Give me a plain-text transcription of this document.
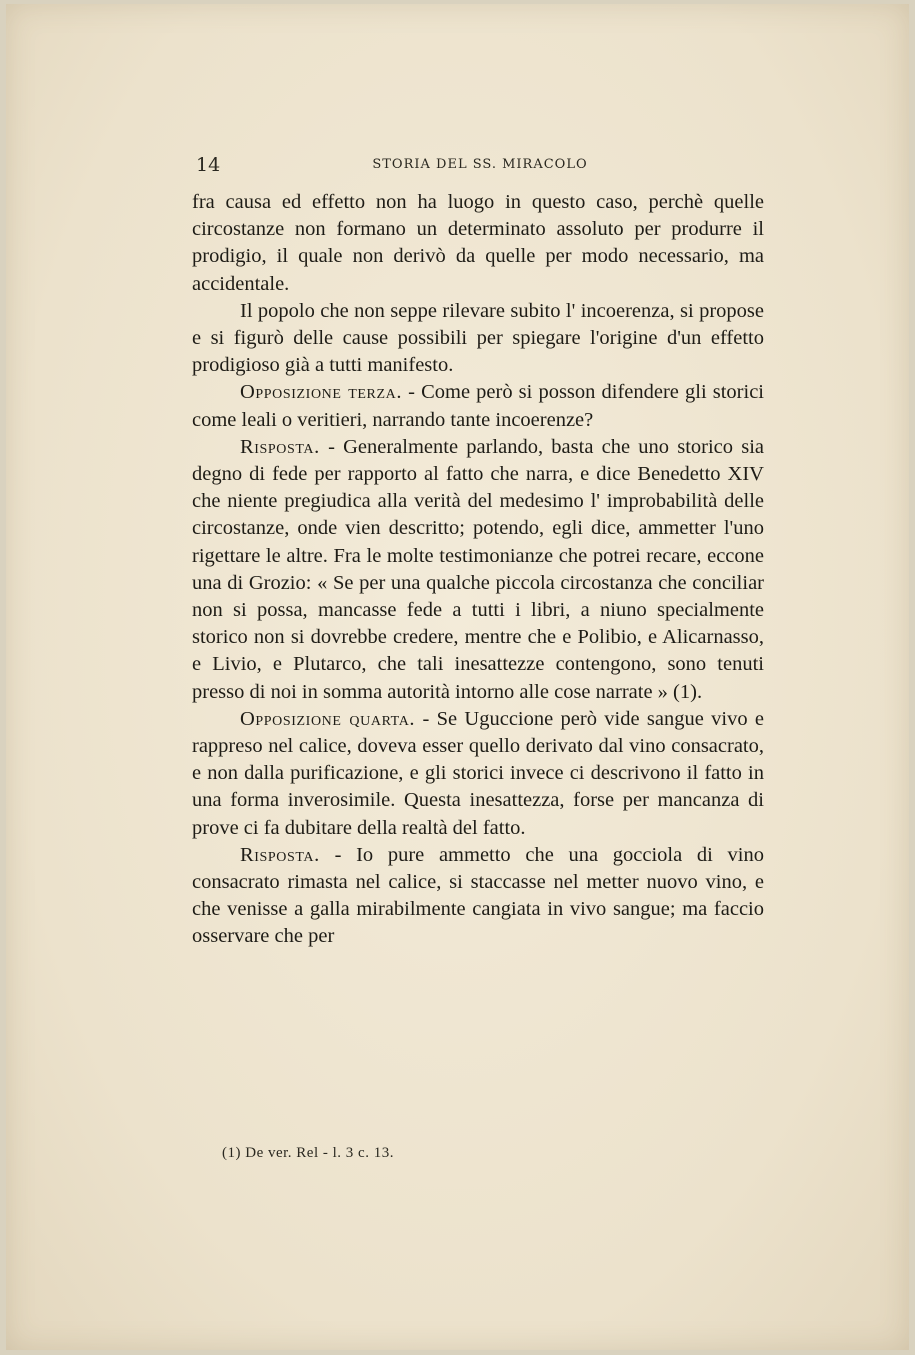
14	STORIA DEL SS. MIRACOLO

fra causa ed effetto non ha luogo in questo caso, perchè quelle circostanze non formano un determinato assoluto per produrre il prodigio, il quale non derivò da quelle per modo necessario, ma accidentale.

Il popolo che non seppe rilevare subito l' incoerenza, si propose e si figurò delle cause possibili per spiegare l'origine d'un effetto prodigioso già a tutti manifesto.

Opposizione terza. - Come però si posson difendere gli storici come leali o veritieri, narrando tante incoerenze?

Risposta. - Generalmente parlando, basta che uno storico sia degno di fede per rapporto al fatto che narra, e dice Benedetto XIV che niente pregiudica alla verità del medesimo l' improbabilità delle circostanze, onde vien descritto; potendo, egli dice, ammetter l'uno rigettare le altre. Fra le molte testimonianze che potrei recare, eccone una di Grozio: « Se per una qualche piccola circostanza che conciliar non si possa, mancasse fede a tutti i libri, a niuno specialmente storico non si dovrebbe credere, mentre che e Polibio, e Alicarnasso, e Livio, e Plutarco, che tali inesattezze contengono, sono tenuti presso di noi in somma autorità intorno alle cose narrate » (1).

Opposizione quarta. - Se Uguccione però vide sangue vivo e rappreso nel calice, doveva esser quello derivato dal vino consacrato, e non dalla purificazione, e gli storici invece ci descrivono il fatto in una forma inverosimile. Questa inesattezza, forse per mancanza di prove ci fa dubitare della realtà del fatto.

Risposta. - Io pure ammetto che una gocciola di vino consacrato rimasta nel calice, si staccasse nel metter nuovo vino, e che venisse a galla mirabilmente cangiata in vivo sangue; ma faccio osservare che per

(1) De ver. Rel - l. 3 c. 13.
